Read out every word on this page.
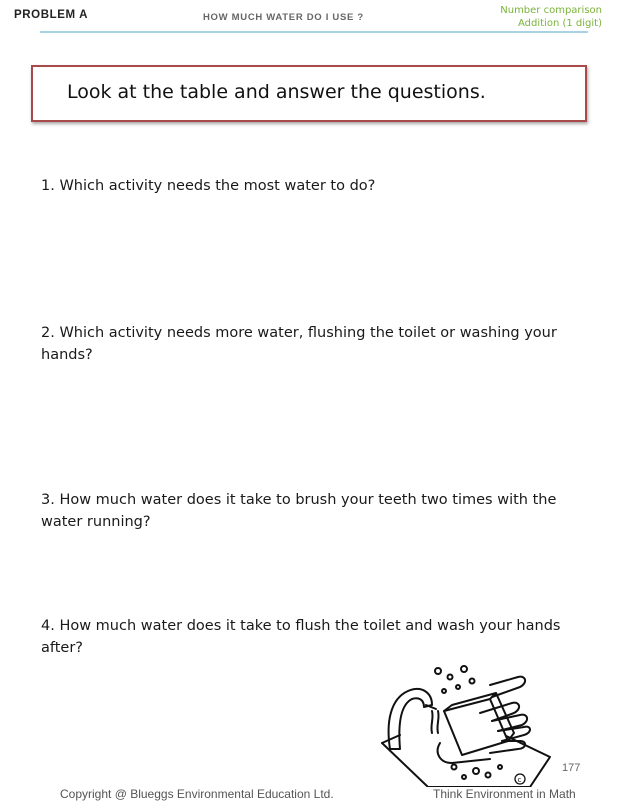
PROBLEM A	HOW MUCH WATER DO I USE ?
Number comparison
Addition (1 digit)
Look at the table and answer the questions.
1. Which activity needs the most water to do?
2. Which activity needs more water, flushing the toilet or washing your hands?
3. How much water does it take to brush your teeth two times with the water running?
4. How much water does it take to flush the toilet and wash your hands after?
c
177
Copyright @ Blueggs Environmental Education Ltd.	Think Environment in Math
